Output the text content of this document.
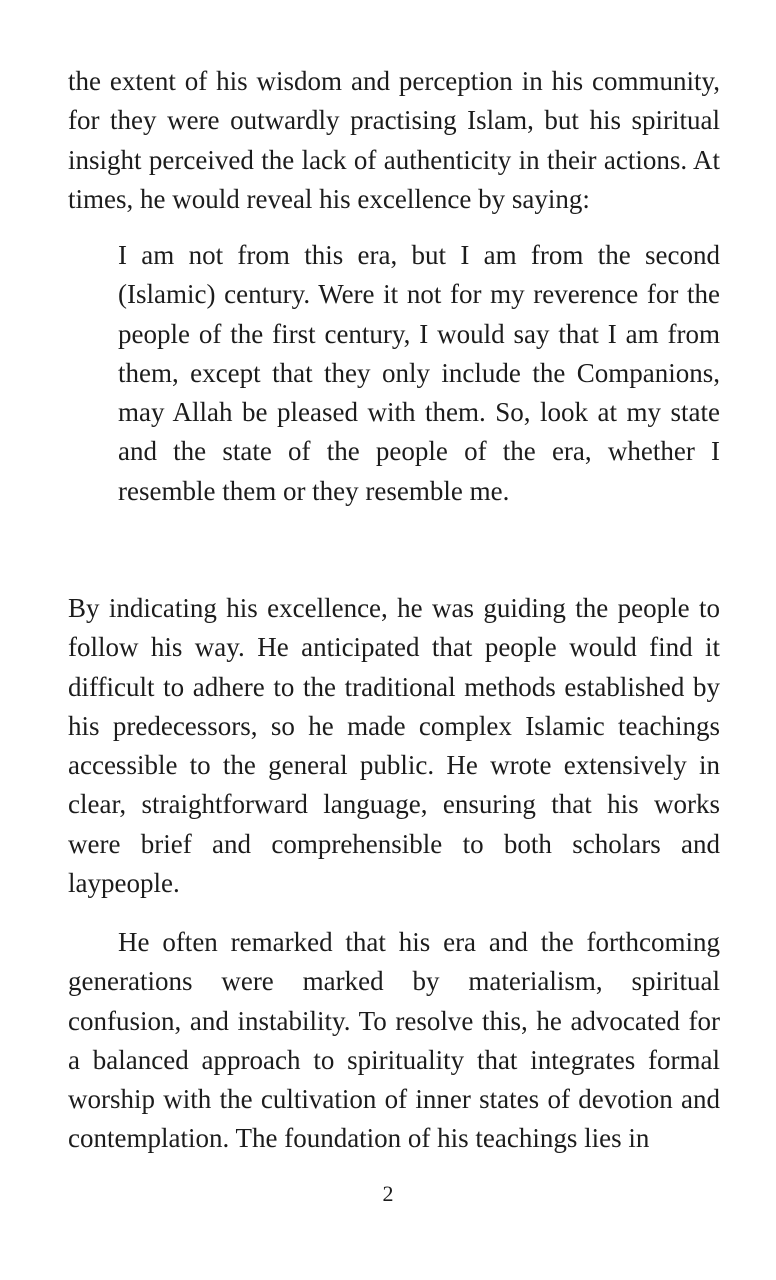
the extent of his wisdom and perception in his community, for they were outwardly practising Islam, but his spiritual insight perceived the lack of authenticity in their actions. At times, he would reveal his excellence by saying:

I am not from this era, but I am from the second (Islamic) century. Were it not for my reverence for the people of the first century, I would say that I am from them, except that they only include the Companions, may Allah be pleased with them. So, look at my state and the state of the people of the era, whether I resemble them or they resemble me.

By indicating his excellence, he was guiding the people to follow his way. He anticipated that people would find it difficult to adhere to the traditional methods established by his predecessors, so he made complex Islamic teachings accessible to the general public. He wrote extensively in clear, straightforward language, ensuring that his works were brief and comprehensible to both scholars and laypeople.

He often remarked that his era and the forthcoming generations were marked by materialism, spiritual confusion, and instability. To resolve this, he advocated for a balanced approach to spirituality that integrates formal worship with the cultivation of inner states of devotion and contemplation. The foundation of his teachings lies in

2
